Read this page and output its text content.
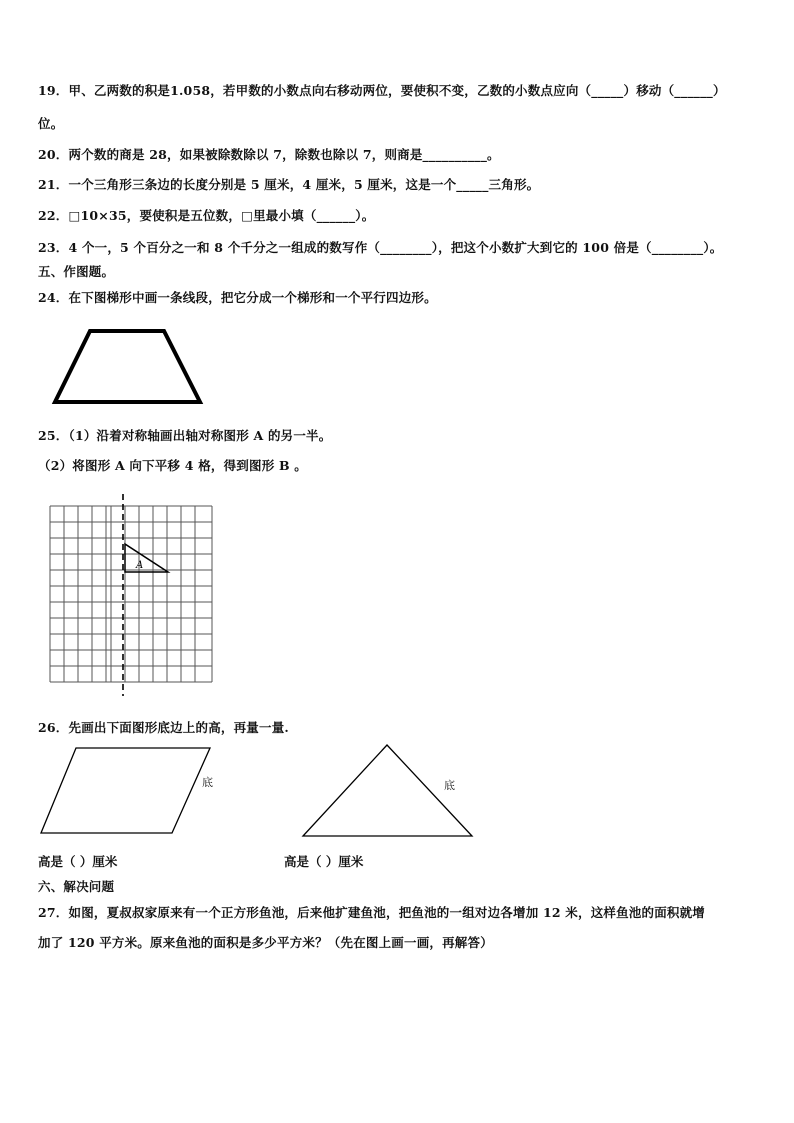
19．甲、乙两数的积是1.058，若甲数的小数点向右移动两位，要使积不变，乙数的小数点应向（_____）移动（______）
位。
20．两个数的商是 28，如果被除数除以 7，除数也除以 7，则商是__________。
21．一个三角形三条边的长度分别是 5 厘米，4 厘米，5 厘米，这是一个_____三角形。
22．□10×35，要使积是五位数，□里最小填（______）。
23．4 个一，5 个百分之一和 8 个千分之一组成的数写作（________），把这个小数扩大到它的 100 倍是（________）。
五、作图题。
24．在下图梯形中画一条线段，把它分成一个梯形和一个平行四边形。
25．（1）沿着对称轴画出轴对称图形 A 的另一半。
（2）将图形 A 向下平移 4 格，得到图形 B 。
A
26．先画出下面图形底边上的高，再量一量.
底	底
高是（ ）厘米	高是（ ）厘米
六、解决问题
27．如图，夏叔叔家原来有一个正方形鱼池，后来他扩建鱼池，把鱼池的一组对边各增加 12 米，这样鱼池的面积就增
加了 120 平方米。原来鱼池的面积是多少平方米？（先在图上画一画，再解答）
